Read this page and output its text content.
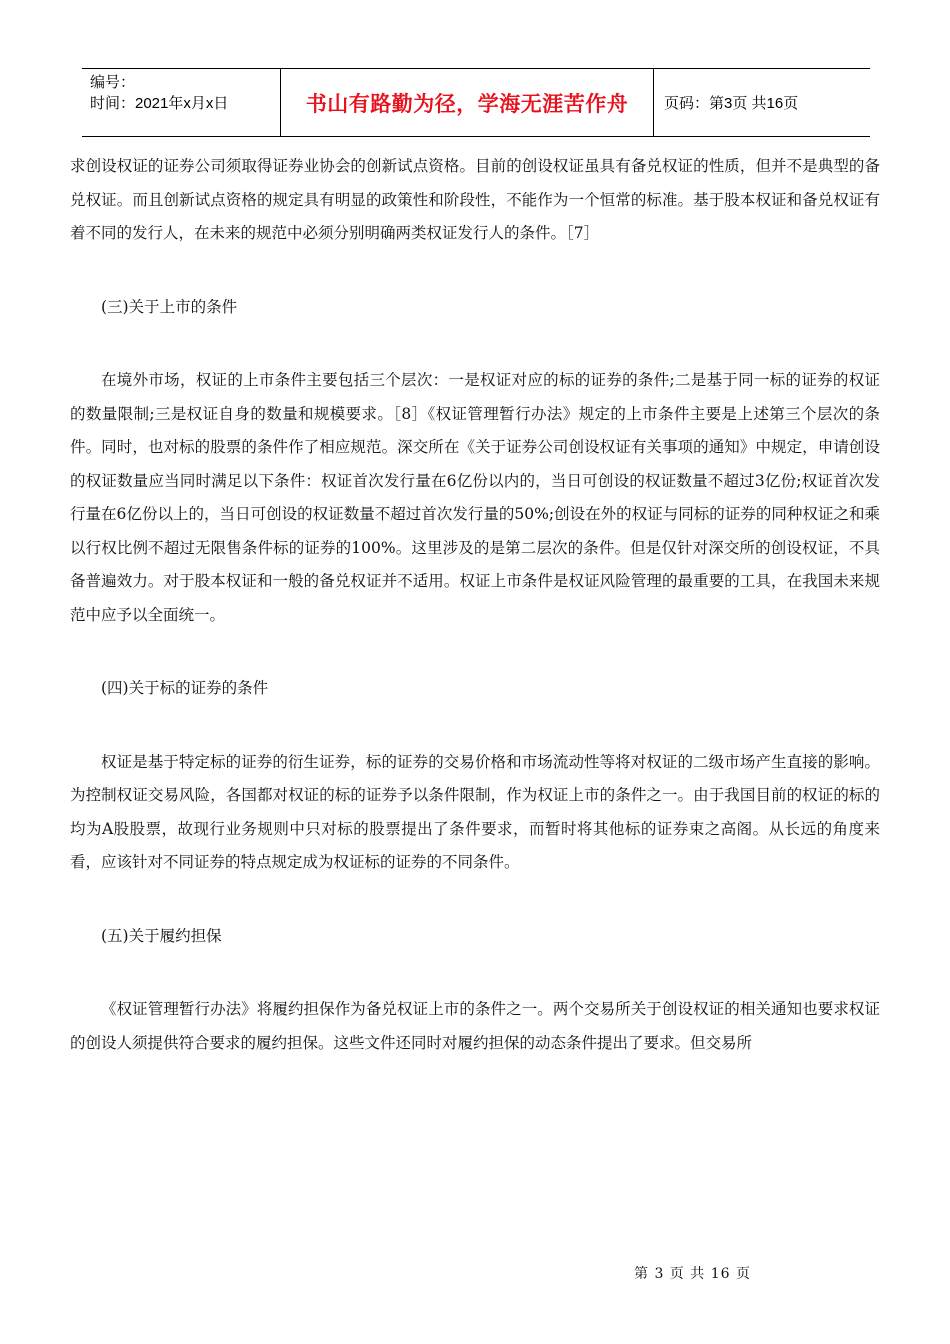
编号：
时间：2021年x月x日	书山有路勤为径，学海无涯苦作舟	页码：第3页 共16页

求创设权证的证券公司须取得证券业协会的创新试点资格。目前的创设权证虽具有备兑权证的性质，但并不是典型的备兑权证。而且创新试点资格的规定具有明显的政策性和阶段性，不能作为一个恒常的标准。基于股本权证和备兑权证有着不同的发行人，在未来的规范中必须分别明确两类权证发行人的条件。［7］

(三)关于上市的条件

在境外市场，权证的上市条件主要包括三个层次：一是权证对应的标的证券的条件;二是基于同一标的证券的权证的数量限制;三是权证自身的数量和规模要求。［8］《权证管理暂行办法》规定的上市条件主要是上述第三个层次的条件。同时，也对标的股票的条件作了相应规范。深交所在《关于证券公司创设权证有关事项的通知》中规定，申请创设的权证数量应当同时满足以下条件：权证首次发行量在6亿份以内的，当日可创设的权证数量不超过3亿份;权证首次发行量在6亿份以上的，当日可创设的权证数量不超过首次发行量的50%;创设在外的权证与同标的证券的同种权证之和乘以行权比例不超过无限售条件标的证券的100%。这里涉及的是第二层次的条件。但是仅针对深交所的创设权证，不具备普遍效力。对于股本权证和一般的备兑权证并不适用。权证上市条件是权证风险管理的最重要的工具，在我国未来规范中应予以全面统一。

(四)关于标的证券的条件

权证是基于特定标的证券的衍生证券，标的证券的交易价格和市场流动性等将对权证的二级市场产生直接的影响。为控制权证交易风险，各国都对权证的标的证券予以条件限制，作为权证上市的条件之一。由于我国目前的权证的标的均为A股股票，故现行业务规则中只对标的股票提出了条件要求，而暂时将其他标的证券束之高阁。从长远的角度来看，应该针对不同证券的特点规定成为权证标的证券的不同条件。

(五)关于履约担保

《权证管理暂行办法》将履约担保作为备兑权证上市的条件之一。两个交易所关于创设权证的相关通知也要求权证的创设人须提供符合要求的履约担保。这些文件还同时对履约担保的动态条件提出了要求。但交易所

第 3 页 共 16 页
